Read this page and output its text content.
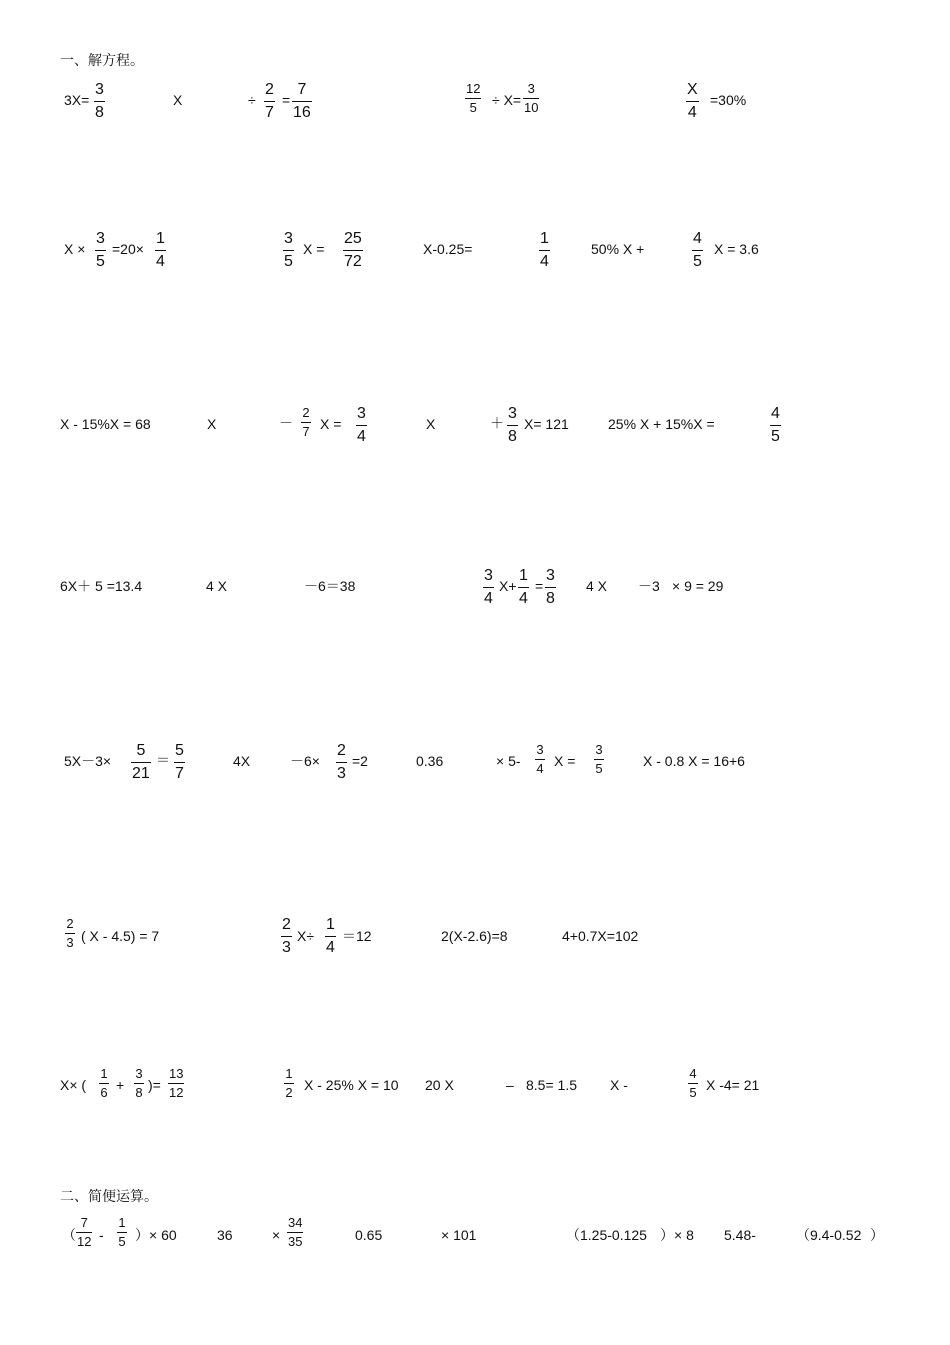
一、解方程。
3X=
3
8
X	÷
2
7
=
7
16
12
5 ÷ X=
3
10
X
4
=30%
X ×
3
5
=20×
1
4
3
5
X =
25
72
X-0.25=
1
4
50% X +
4
5
X = 3.6
X - 15%X = 68	X	－
2
7 X =
3
4
X	＋
3
8
X= 121	25% X + 15%X =
4
5
6X＋ 5 =13.4	4 X	－6＝38
3
4
X+
1
4
=
3
8
4 X －3 × 9 = 29
5X－3×
5
21
＝
5
7
4X	－6×
2
3
=2	0.36	× 5-
3
4 X =
3
5	X - 0.8 X = 16+6
2
3 ( X - 4.5) = 7
2
3
X÷
1
4
＝12	2(X-2.6)=8	4+0.7X=102
X× (
1
6 +
3
8 )=
13
12
1
2 X - 25% X = 10 20 X	– 8.5= 1.5 X -
4
5 X -4= 21
二、简便运算。
（
7
12 -
1
5 ）× 60	36	×
34
35	0.65	× 101	（1.25-0.125 ）× 8 5.48-	（9.4-0.52 ）
